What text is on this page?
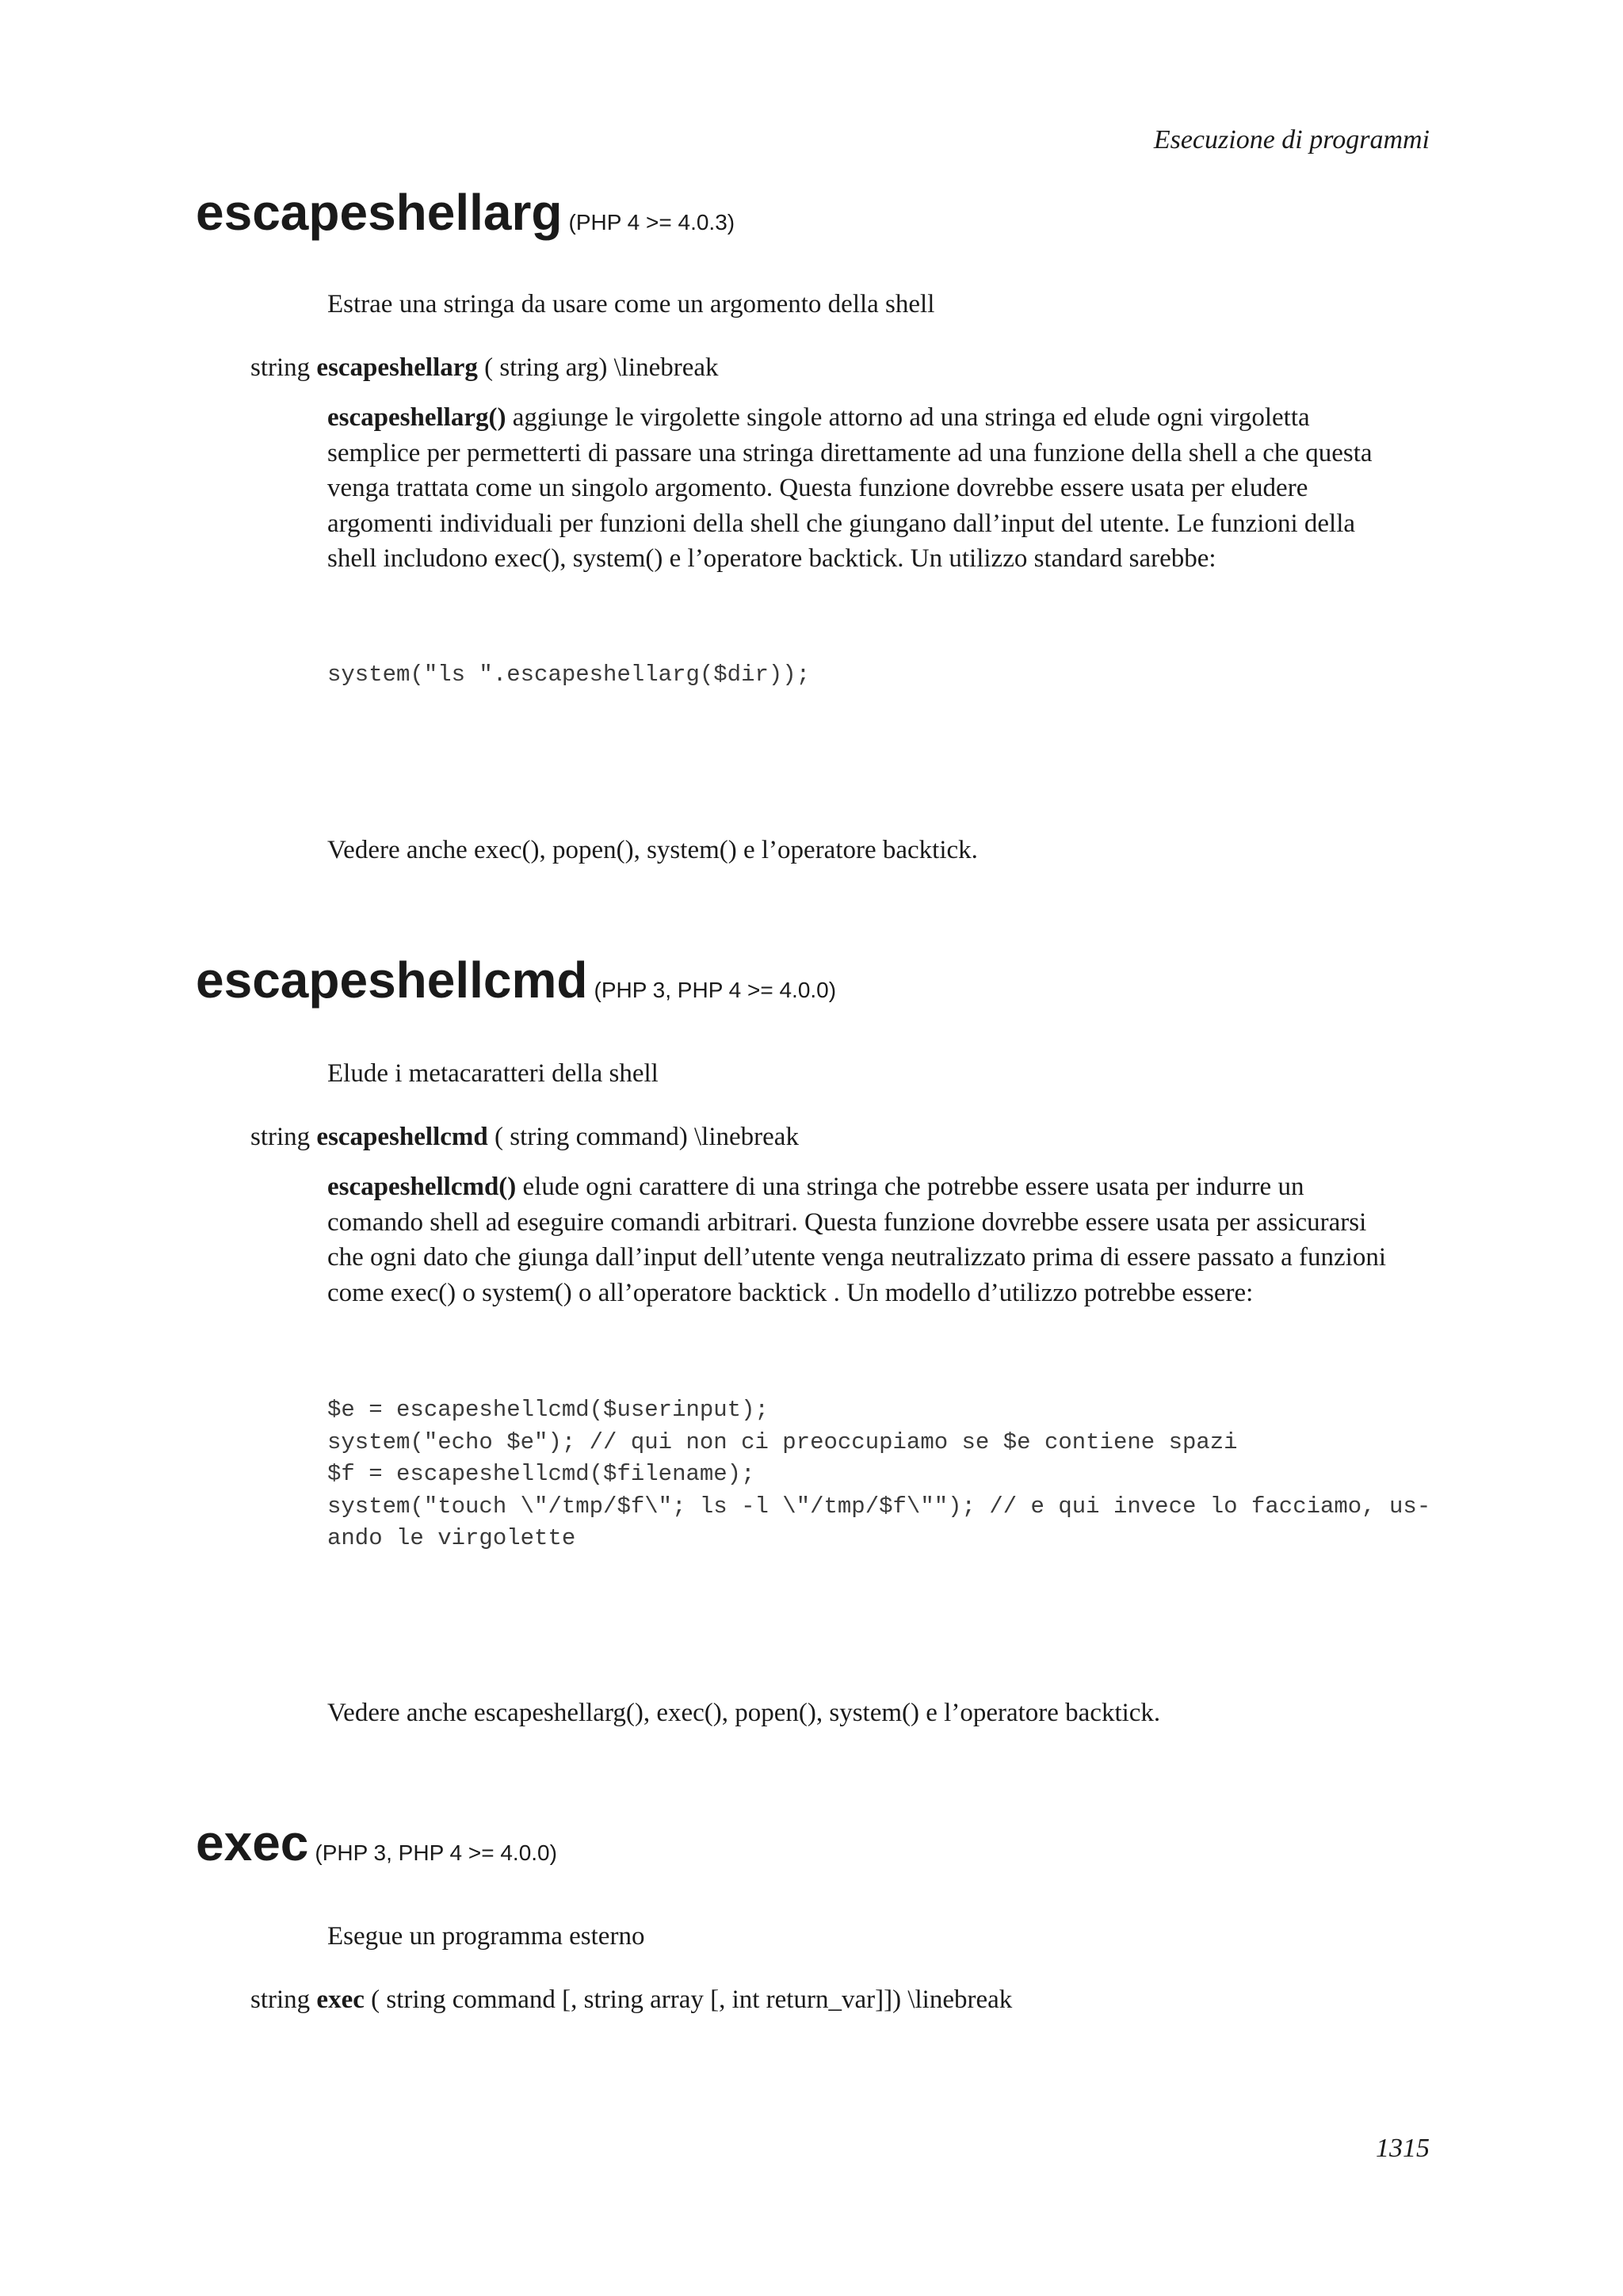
Esecuzione di programmi
escapeshellarg (PHP 4 >= 4.0.3)
Estrae una stringa da usare come un argomento della shell
string escapeshellarg ( string arg) \linebreak

escapeshellarg() aggiunge le virgolette singole attorno ad una stringa ed elude ogni virgoletta

semplice per permetterti di passare una stringa direttamente ad una funzione della shell a che questa

venga trattata come un singolo argomento. Questa funzione dovrebbe essere usata per eludere

argomenti individuali per funzioni della shell che giungano dall’input del utente. Le funzioni della

shell includono exec(), system() e l’operatore backtick. Un utilizzo standard sarebbe:

system("ls ".escapeshellarg($dir));
Vedere anche exec(), popen(), system() e l’operatore backtick.
escapeshellcmd (PHP 3, PHP 4 >= 4.0.0)
Elude i metacaratteri della shell
string escapeshellcmd ( string command) \linebreak

escapeshellcmd() elude ogni carattere di una stringa che potrebbe essere usata per indurre un

comando shell ad eseguire comandi arbitrari. Questa funzione dovrebbe essere usata per assicurarsi

che ogni dato che giunga dall’input dell’utente venga neutralizzato prima di essere passato a funzioni

come exec() o system() o all’operatore backtick . Un modello d’utilizzo potrebbe essere:

$e = escapeshellcmd($userinput);
system("echo $e"); // qui non ci preoccupiamo se $e contiene spazi
$f = escapeshellcmd($filename);
system("touch \"/tmp/$f\"; ls -l \"/tmp/$f\""); // e qui invece lo facciamo, us-
ando le virgolette
Vedere anche escapeshellarg(), exec(), popen(), system() e l’operatore backtick.
exec (PHP 3, PHP 4 >= 4.0.0)
Esegue un programma esterno
string exec ( string command [, string array [, int return_var]]) \linebreak
1315
